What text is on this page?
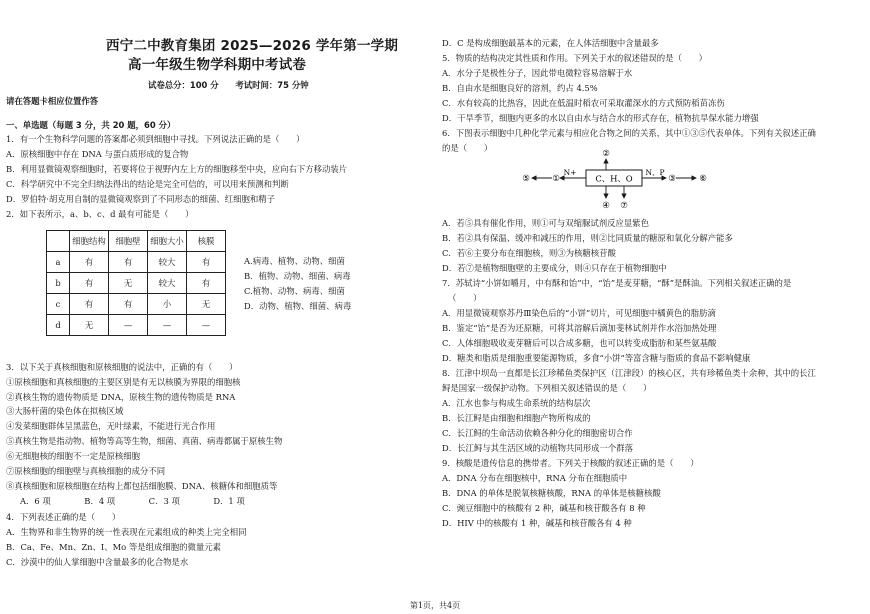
西宁二中教育集团 2025—2026 学年第一学期
高一年级生物学科期中考试卷
试卷总分：100 分　　考试时间：75 分钟
请在答题卡相应位置作答
一、单选题（每题 3 分，共 20 题，60 分）
1．有一个生物科学问题的答案都必须到细胞中寻找。下列说法正确的是（　　）
A．原核细胞中存在 DNA 与蛋白质形成的复合物
B．利用显微镜观察细胞时，若要将位于视野内左上方的细胞移至中央，应向右下方移动装片
C．科学研究中不完全归纳法得出的结论是完全可信的，可以用来预测和判断
D．罗伯特·胡克用自制的显微镜观察到了不同形态的细菌、红细胞和精子
2．如下表所示，a、b、c、d 最有可能是（　　）
	细胞结构	细胞壁	细胞大小	核膜
a	有	有	较大	有
b	有	无	较大	有
c	有	有	小	无
d	无	—	—	—
A.病毒、植物、动物、细菌
B．植物、动物、细菌、病毒
C.植物、动物、病毒、细菌
D．动物、植物、细菌、病毒
3．以下关于真核细胞和原核细胞的说法中，正确的有（　　）
①原核细胞和真核细胞的主要区别是有无以核膜为界限的细胞核
②真核生物的遗传物质是 DNA，原核生物的遗传物质是 RNA
③大肠杆菌的染色体在拟核区域
④发菜细胞群体呈黑蓝色，无叶绿素，不能进行光合作用
⑤真核生物是指动物、植物等高等生物，细菌、真菌、病毒都属于原核生物
⑥无细胞核的细胞不一定是原核细胞
⑦原核细胞的细胞壁与真核细胞的成分不同
⑧真核细胞和原核细胞在结构上都包括细胞膜、DNA、核糖体和细胞质等
A．6 项　　　　B．4 项　　　　C．3 项　　　　D．1 项
4．下列表述正确的是（　　）
A．生物界和非生物界的统一性表现在元素组成的种类上完全相同
B．Ca、Fe、Mn、Zn、I、Mo 等是组成细胞的微量元素
C．沙漠中的仙人掌细胞中含量最多的化合物是水
D．C 是构成细胞最基本的元素，在人体活细胞中含量最多
5．物质的结构决定其性质和作用。下列关于水的叙述错误的是（　　）
A．水分子是极性分子，因此带电微粒容易溶解于水
B．自由水是细胞良好的溶剂，约占 4.5%
C．水有较高的比热容，因此在低温时稻农可采取灌深水的方式预防稻苗冻伤
D．干旱季节，细胞内更多的水以自由水与结合水的形式存在，植物抗旱保水能力增强
6．下图表示细胞中几种化学元素与相应化合物之间的关系，其中①③⑤代表单体。下列有关叙述正确
的是（　　）
C、H、O
N+
①
⑤
②
④ ⑦
N、P
③	⑥
A．若⑤具有催化作用，则①可与双缩脲试剂反应显紫色
B．若②具有保温、缓冲和减压的作用，则②比同质量的糖原和氧化分解产能多
C．若⑥主要分布在细胞核，则③为核糖核苷酸
D．若⑦是植物细胞壁的主要成分，则④只存在于植物细胞中
7．苏轼诗“小饼如嚼月，中有酥和饴”中，“饴”是麦芽糖，“酥”是酥油。下列相关叙述正确的是
（　　）
A．用显微镜观察苏丹Ⅲ染色后的“小饼”切片，可见细胞中橘黄色的脂肪滴
B．鉴定“饴”是否为还原糖，可将其溶解后滴加斐林试剂并作水浴加热处理
C．人体细胞吸收麦芽糖后可以合成多糖，也可以转变成脂肪和某些氨基酸
D．糖类和脂质是细胞重要能源物质，多食“小饼”等富含糖与脂质的食品不影响健康
8．江津中坝岛一直都是长江珍稀鱼类保护区（江津段）的核心区，共有珍稀鱼类十余种，其中的长江
鲟是国家一级保护动物。下列相关叙述错误的是（　　）
A．江水也参与构成生命系统的结构层次
B．长江鲟是由细胞和细胞产物所构成的
C．长江鲟的生命活动依赖各种分化的细胞密切合作
D．长江鲟与其生活区域的动植物共同形成一个群落
9．核酸是遗传信息的携带者。下列关于核酸的叙述正确的是（　　）
A．DNA 分布在细胞核中，RNA 分布在细胞质中
B．DNA 的单体是脱氧核糖核酸，RNA 的单体是核糖核酸
C．豌豆细胞中的核酸有 2 种，碱基和核苷酸各有 8 种
D．HIV 中的核酸有 1 种，碱基和核苷酸各有 4 种
第1页，共4页
